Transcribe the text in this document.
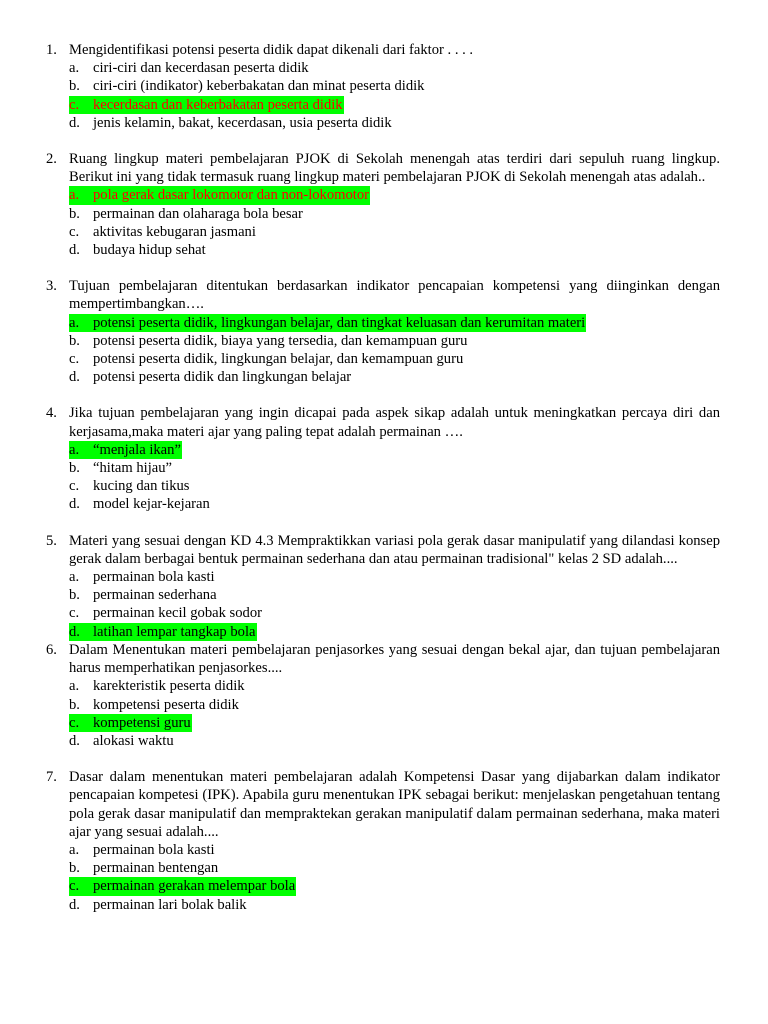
1. Mengidentifikasi potensi peserta didik dapat dikenali dari faktor . . . .
a. ciri-ciri dan kecerdasan peserta didik
b. ciri-ciri (indikator) keberbakatan dan minat peserta didik
c. kecerdasan dan keberbakatan peserta didik
d. jenis kelamin, bakat, kecerdasan, usia peserta didik
2. Ruang lingkup materi pembelajaran PJOK di Sekolah menengah atas terdiri dari sepuluh ruang lingkup. Berikut ini yang tidak termasuk ruang lingkup materi pembelajaran PJOK di Sekolah menengah atas adalah..
a. pola gerak dasar lokomotor dan non-lokomotor
b. permainan dan olaharaga bola besar
c. aktivitas kebugaran jasmani
d. budaya hidup sehat
3. Tujuan pembelajaran ditentukan berdasarkan indikator pencapaian kompetensi yang diinginkan dengan mempertimbangkan….
a. potensi peserta didik, lingkungan belajar, dan tingkat keluasan dan kerumitan materi
b. potensi peserta didik, biaya yang tersedia, dan kemampuan guru
c. potensi peserta didik, lingkungan belajar, dan kemampuan guru
d. potensi peserta didik dan lingkungan belajar
4. Jika tujuan pembelajaran yang ingin dicapai pada aspek sikap adalah untuk meningkatkan percaya diri dan kerjasama,maka materi ajar yang paling tepat adalah permainan ….
a. “menjala ikan”
b. “hitam hijau”
c. kucing dan tikus
d. model kejar-kejaran
5. Materi yang sesuai dengan KD 4.3 Mempraktikkan variasi pola gerak dasar manipulatif yang dilandasi konsep gerak dalam berbagai bentuk permainan sederhana dan atau permainan tradisional" kelas 2 SD adalah....
a. permainan bola kasti
b. permainan sederhana
c. permainan kecil gobak sodor
d. latihan lempar tangkap bola
6. Dalam Menentukan materi pembelajaran penjasorkes yang sesuai dengan bekal ajar, dan tujuan pembelajaran harus memperhatikan penjasorkes....
a. karekteristik peserta didik
b. kompetensi peserta didik
c. kompetensi guru
d. alokasi waktu
7. Dasar dalam menentukan materi pembelajaran adalah Kompetensi Dasar yang dijabarkan dalam indikator pencapaian kompetesi (IPK). Apabila guru menentukan IPK sebagai berikut: menjelaskan pengetahuan tentang pola gerak dasar manipulatif dan mempraktekan gerakan manipulatif dalam permainan sederhana, maka materi ajar yang sesuai adalah....
a. permainan bola kasti
b. permainan bentengan
c. permainan gerakan melempar bola
d. permainan lari bolak balik
